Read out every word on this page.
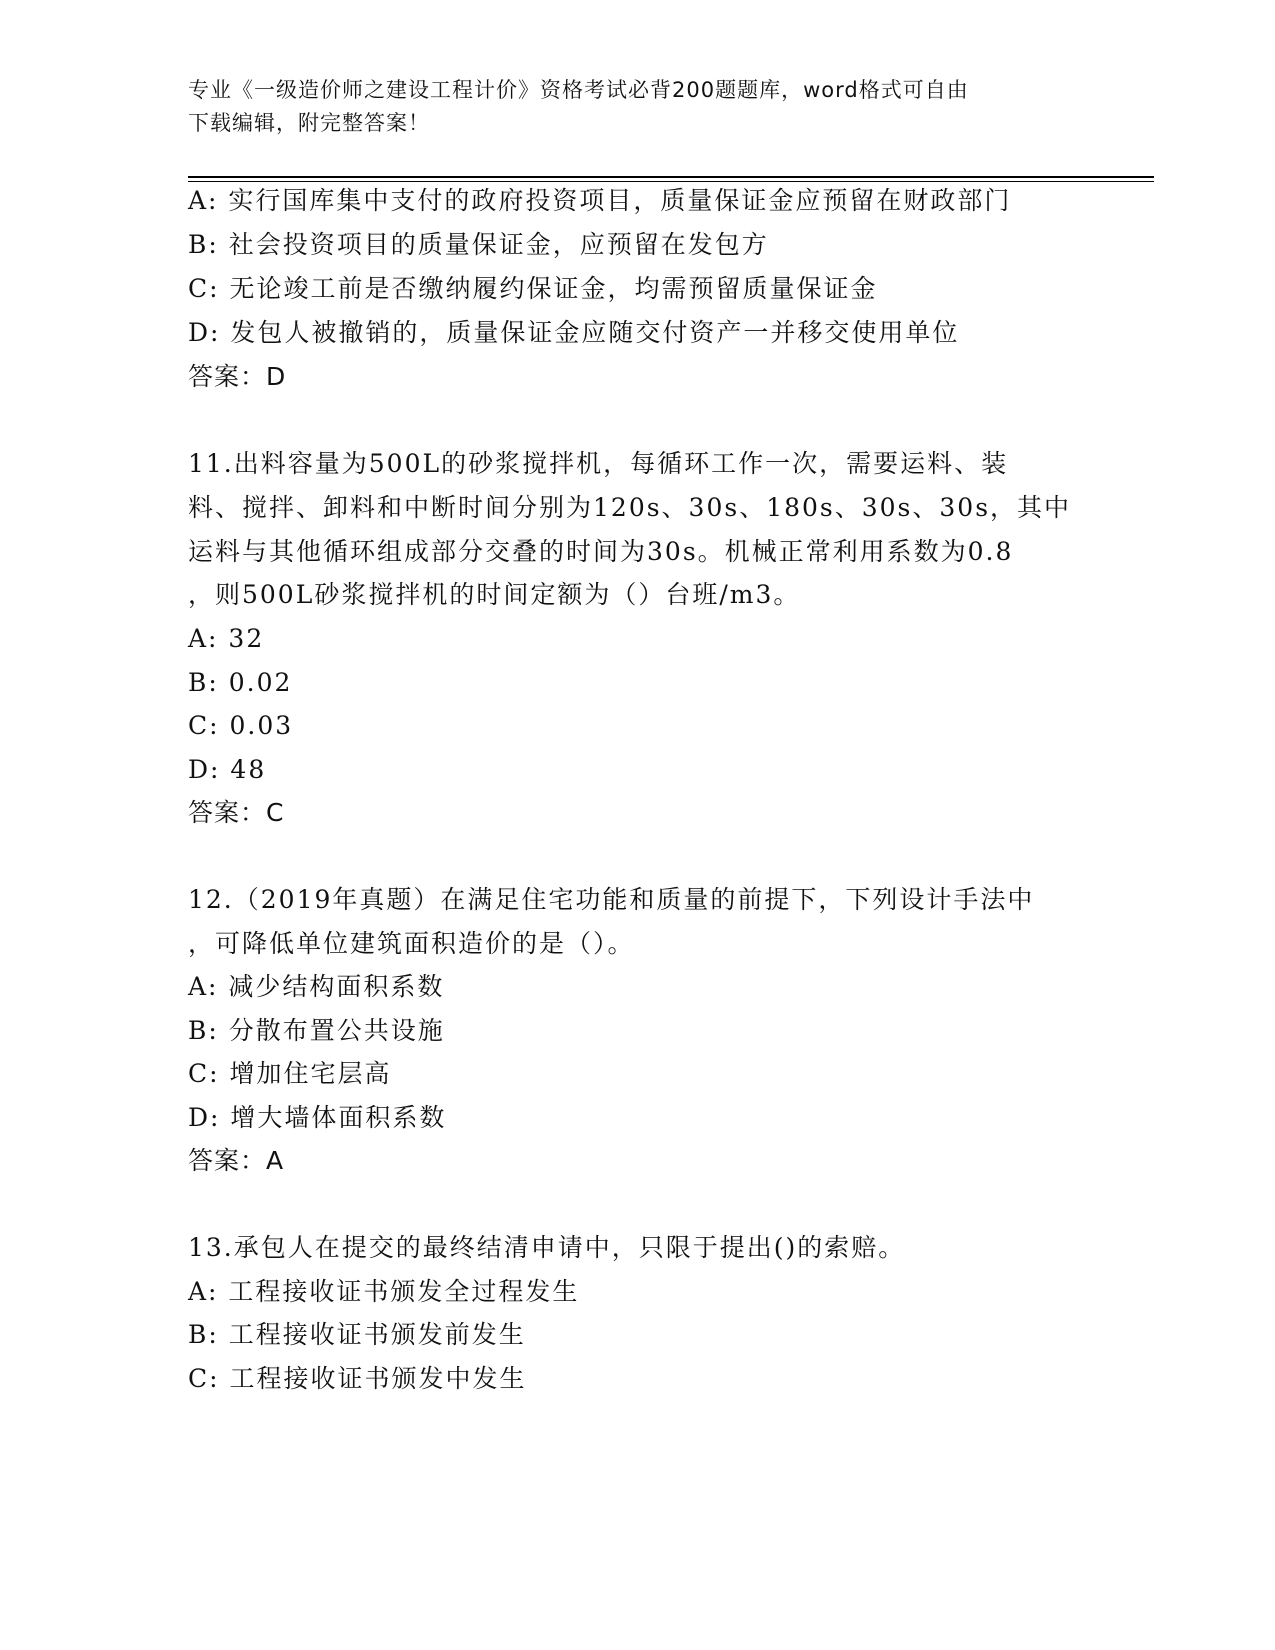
专业《一级造价师之建设工程计价》资格考试必背200题题库，word格式可自由
下载编辑，附完整答案！
A: 实行国库集中支付的政府投资项目，质量保证金应预留在财政部门
B: 社会投资项目的质量保证金，应预留在发包方
C: 无论竣工前是否缴纳履约保证金，均需预留质量保证金
D: 发包人被撤销的，质量保证金应随交付资产一并移交使用单位
答案：D
11.出料容量为500L的砂浆搅拌机，每循环工作一次，需要运料、装
料、搅拌、卸料和中断时间分别为120s、30s、180s、30s、30s，其中
运料与其他循环组成部分交叠的时间为30s。机械正常利用系数为0.8
，则500L砂浆搅拌机的时间定额为（）台班/m3。
A: 32
B: 0.02
C: 0.03
D: 48
答案：C
12.（2019年真题）在满足住宅功能和质量的前提下，下列设计手法中
，可降低单位建筑面积造价的是（）。
A: 减少结构面积系数
B: 分散布置公共设施
C: 增加住宅层高
D: 增大墙体面积系数
答案：A
13.承包人在提交的最终结清申请中，只限于提出()的索赔。
A: 工程接收证书颁发全过程发生
B: 工程接收证书颁发前发生
C: 工程接收证书颁发中发生
